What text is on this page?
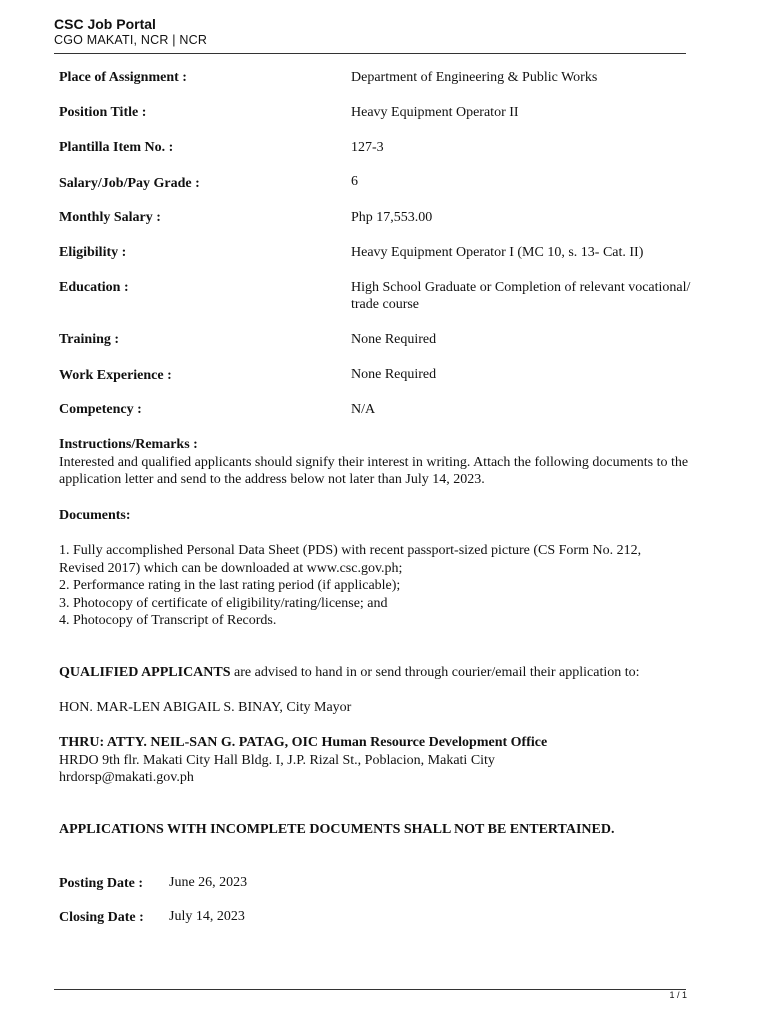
CSC Job Portal
CGO MAKATI, NCR | NCR
Place of Assignment :	Department of Engineering & Public Works
Position Title :	Heavy Equipment Operator II
Plantilla Item No. :	127-3
Salary/Job/Pay Grade :	6
Monthly Salary :	Php 17,553.00
Eligibility :	Heavy Equipment Operator I (MC 10, s. 13- Cat. II)
Education :	High School Graduate or Completion of relevant vocational/ trade course
Training :	None Required
Work Experience :	None Required
Competency :	N/A
Instructions/Remarks :
Interested and qualified applicants should signify their interest in writing. Attach the following documents to the application letter and send to the address below not later than July 14, 2023.
Documents:
1. Fully accomplished Personal Data Sheet (PDS) with recent passport-sized picture (CS Form No. 212, Revised 2017) which can be downloaded at www.csc.gov.ph;
2. Performance rating in the last rating period (if applicable);
3. Photocopy of certificate of eligibility/rating/license; and
4. Photocopy of Transcript of Records.
QUALIFIED APPLICANTS are advised to hand in or send through courier/email their application to:
HON. MAR-LEN ABIGAIL S. BINAY, City Mayor
THRU: ATTY. NEIL-SAN G. PATAG, OIC Human Resource Development Office
HRDO 9th flr. Makati City Hall Bldg. I, J.P. Rizal St., Poblacion, Makati City
hrdorsp@makati.gov.ph
APPLICATIONS WITH INCOMPLETE DOCUMENTS SHALL NOT BE ENTERTAINED.
Posting Date : June 26, 2023
Closing Date : July 14, 2023
1 / 1
